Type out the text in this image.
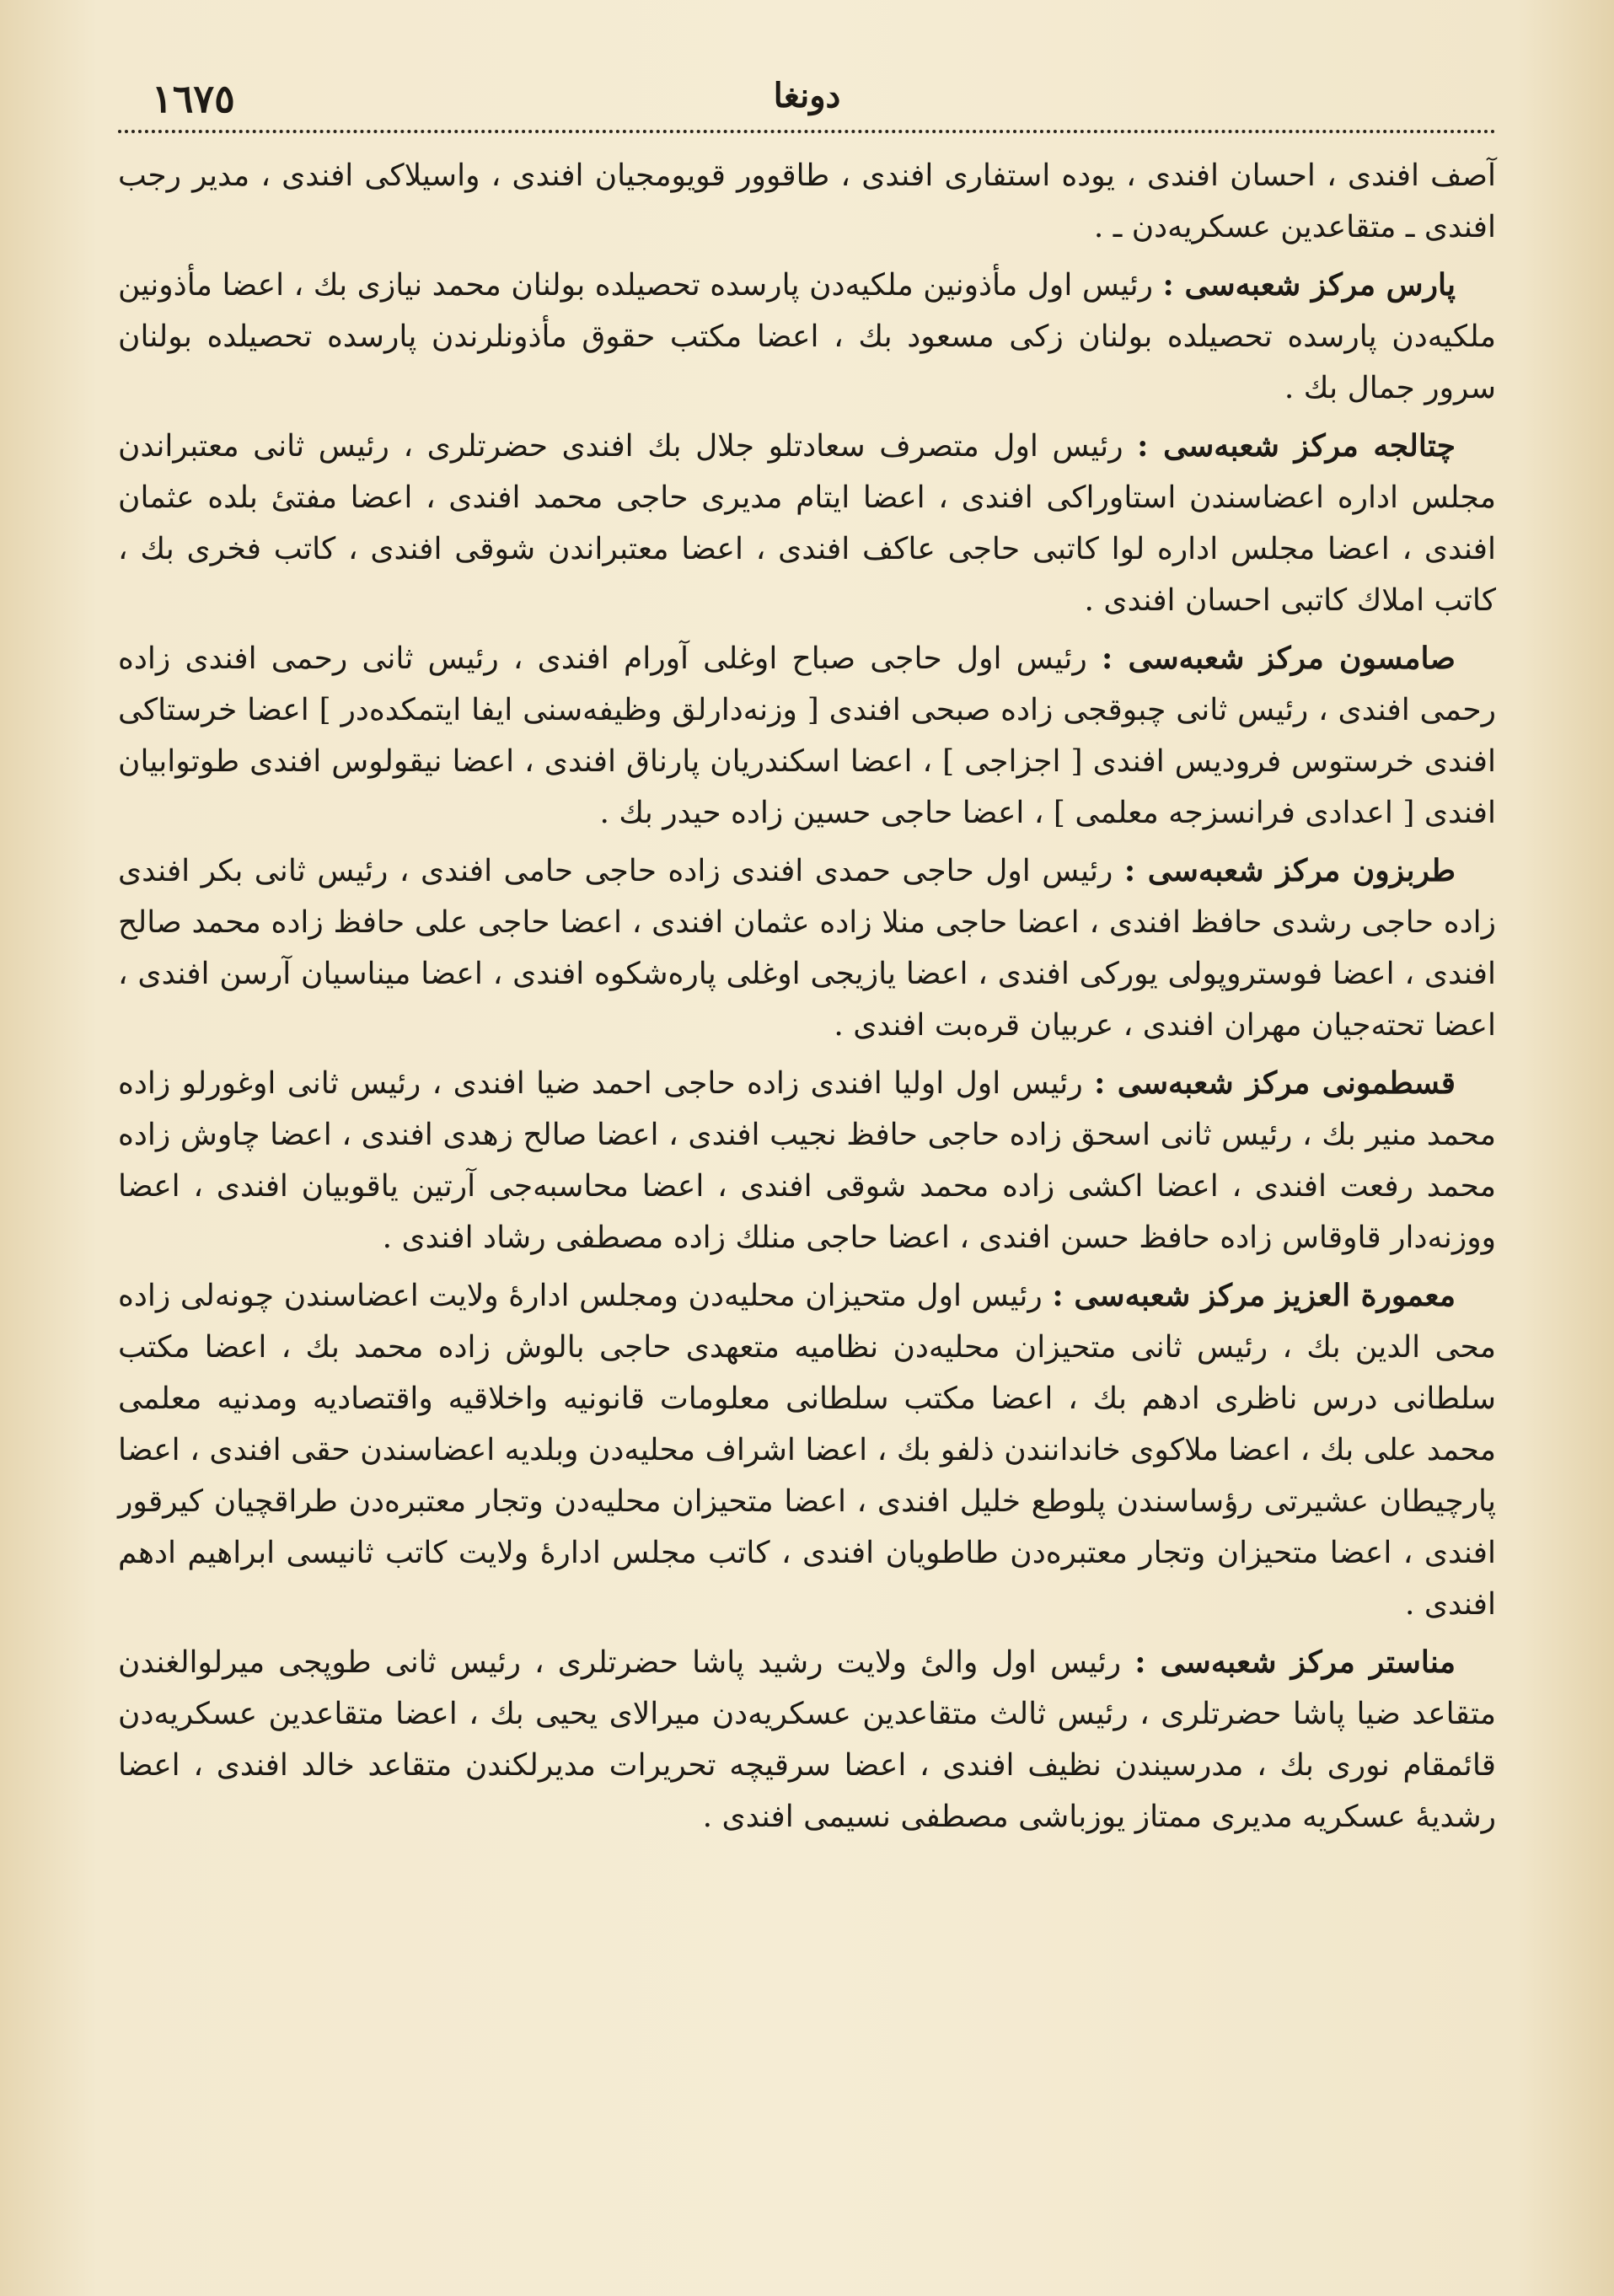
١٦٧٥	دونغا

آصف افندی ، احسان افندی ، یوده استفاری افندی ، طاقوور قویومجیان افندی ، واسیلاکی افندی ، مدیر رجب افندی ـ متقاعدین عسکریه‌دن ـ .

پارس مرکز شعبه‌سی : رئیس اول مأذونین ملکیه‌دن پارسده تحصیلده بولنان محمد نیازی بك ، اعضا مأذونین ملکیه‌دن پارسده تحصیلده بولنان زکی مسعود بك ، اعضا مکتب حقوق مأذونلرندن پارسده تحصیلده بولنان سرور جمال بك .

چتالجه مرکز شعبه‌سی : رئیس اول متصرف سعادتلو جلال بك افندی حضرتلری ، رئیس ثانی معتبراندن مجلس اداره اعضاسندن استاوراکی افندی ، اعضا ایتام مدیری حاجی محمد افندی ، اعضا مفتیٔ بلده عثمان افندی ، اعضا مجلس اداره لوا کاتبی حاجی عاکف افندی ، اعضا معتبراندن شوقی افندی ، کاتب فخری بك ، کاتب املاك کاتبی احسان افندی .

صامسون مرکز شعبه‌سی : رئیس اول حاجی صباح اوغلی آورام افندی ، رئیس ثانی رحمی افندی زاده رحمی افندی ، رئیس ثانی چبوقجی زاده صبحی افندی [ وزنه‌دارلق وظیفه‌سنی ایفا ایتمکده‌در ] اعضا خرستاکی افندی خرستوس فرودیس افندی [ اجزاجی ] ، اعضا اسکندریان پارناق افندی ، اعضا نیقولوس افندی طوتوابیان افندی [ اعدادی فرانسزجه معلمی ] ، اعضا حاجی حسین زاده حیدر بك .

طربزون مرکز شعبه‌سی : رئیس اول حاجی حمدی افندی زاده حاجی حامی افندی ، رئیس ثانی بکر افندی زاده حاجی رشدی حافظ افندی ، اعضا حاجی منلا زاده عثمان افندی ، اعضا حاجی علی حافظ زاده محمد صالح افندی ، اعضا فوستروپولی یورکی افندی ، اعضا یازیجی اوغلی پاره‌شکوه افندی ، اعضا میناسیان آرسن افندی ، اعضا تحته‌جیان مهران افندی ، عربیان قره‌بت افندی .

قسطمونی مرکز شعبه‌سی : رئیس اول اولیا افندی زاده حاجی احمد ضیا افندی ، رئیس ثانی اوغورلو زاده محمد منیر بك ، رئیس ثانی اسحق زاده حاجی حافظ نجیب افندی ، اعضا صالح زهدی افندی ، اعضا چاوش زاده محمد رفعت افندی ، اعضا اکشی زاده محمد شوقی افندی ، اعضا محاسبه‌جی آرتین یاقوبیان افندی ، اعضا ووزنه‌دار قاوقاس زاده حافظ حسن افندی ، اعضا حاجی منلك زاده مصطفی رشاد افندی .

معمورة العزیز مرکز شعبه‌سی : رئیس اول متحیزان محلیه‌دن ومجلس ادارهٔ ولایت اعضاسندن چونه‌لی زاده محی الدین بك ، رئیس ثانی متحیزان محلیه‌دن نظامیه متعهدی حاجی بالوش زاده محمد بك ، اعضا مکتب سلطانی درس ناظری ادهم بك ، اعضا مکتب سلطانی معلومات قانونیه واخلاقیه واقتصادیه ومدنیه معلمی محمد علی بك ، اعضا ملاکوی خاندانندن ذلفو بك ، اعضا اشراف محلیه‌دن وبلدیه اعضاسندن حقی افندی ، اعضا پارچیطان عشیرتی رؤساسندن پلوطع خلیل افندی ، اعضا متحیزان محلیه‌دن وتجار معتبره‌دن طراقچیان کیرقور افندی ، اعضا متحیزان وتجار معتبره‌دن طاطویان افندی ، کاتب مجلس ادارهٔ ولایت کاتب ثانیسی ابراهیم ادهم افندی .

مناستر مرکز شعبه‌سی : رئیس اول والیٔ ولایت رشید پاشا حضرتلری ، رئیس ثانی طوپجی میرلوالغندن متقاعد ضیا پاشا حضرتلری ، رئیس ثالث متقاعدین عسکریه‌دن میرالای یحیی بك ، اعضا متقاعدین عسکریه‌دن قائمقام نوری بك ، مدرسیندن نظیف افندی ، اعضا سرقیچه تحریرات مدیرلکندن متقاعد خالد افندی ، اعضا رشدیهٔ عسکریه مدیری ممتاز یوزباشی مصطفی نسیمی افندی .
